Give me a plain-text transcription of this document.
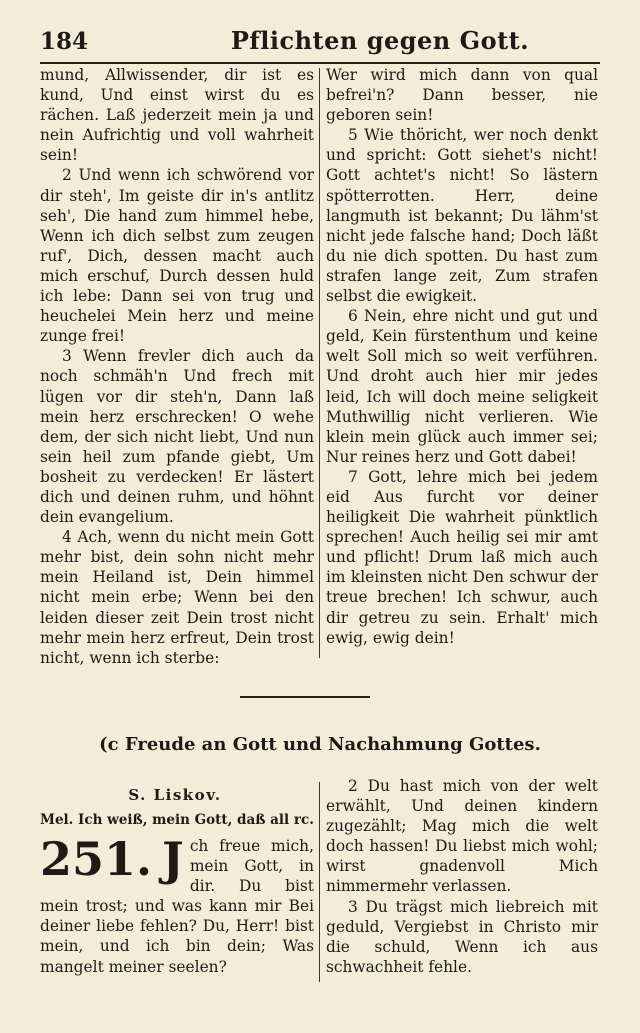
184	Pflichten gegen Gott.

mund, Allwissender, dir ist es kund, Und einst wirst du es rächen. Laß jederzeit mein ja und nein Aufrichtig und voll wahrheit sein!

2 Und wenn ich schwörend vor dir steh', Im geiste dir in's antlitz seh', Die hand zum himmel hebe, Wenn ich dich selbst zum zeugen ruf', Dich, dessen macht auch mich erschuf, Durch dessen huld ich lebe: Dann sei von trug und heuchelei Mein herz und meine zunge frei!

3 Wenn frevler dich auch da noch schmäh'n Und frech mit lügen vor dir steh'n, Dann laß mein herz erschrecken! O wehe dem, der sich nicht liebt, Und nun sein heil zum pfande giebt, Um bosheit zu verdecken! Er lästert dich und deinen ruhm, und höhnt dein evangelium.

4 Ach, wenn du nicht mein Gott mehr bist, dein sohn nicht mehr mein Heiland ist, Dein himmel nicht mein erbe; Wenn bei den leiden dieser zeit Dein trost nicht mehr mein herz erfreut, Dein trost nicht, wenn ich sterbe:

Wer wird mich dann von qual befrei'n? Dann besser, nie geboren sein!

5 Wie thöricht, wer noch denkt und spricht: Gott siehet's nicht! Gott achtet's nicht! So lästern spötterrotten. Herr, deine langmuth ist bekannt; Du lähm'st nicht jede falsche hand; Doch läßt du nie dich spotten. Du hast zum strafen lange zeit, Zum strafen selbst die ewigkeit.

6 Nein, ehre nicht und gut und geld, Kein fürstenthum und keine welt Soll mich so weit verführen. Und droht auch hier mir jedes leid, Ich will doch meine seligkeit Muthwillig nicht verlieren. Wie klein mein glück auch immer sei; Nur reines herz und Gott dabei!

7 Gott, lehre mich bei jedem eid Aus furcht vor deiner heiligkeit Die wahrheit pünktlich sprechen! Auch heilig sei mir amt und pflicht! Drum laß mich auch im kleinsten nicht Den schwur der treue brechen! Ich schwur, auch dir getreu zu sein. Erhalt' mich ewig, ewig dein!

(c Freude an Gott und Nachahmung Gottes.
S. Liskov.
Mel. Ich weiß, mein Gott, daß all rc.
251. J ch freue mich, mein Gott, in dir. Du bist mein trost; und was kann mir Bei deiner liebe fehlen? Du, Herr! bist mein, und ich bin dein; Was mangelt meiner seelen?

2 Du hast mich von der welt erwählt, Und deinen kindern zugezählt; Mag mich die welt doch hassen! Du liebst mich wohl; wirst gnadenvoll Mich nimmermehr verlassen.

3 Du trägst mich liebreich mit geduld, Vergiebst in Christo mir die schuld, Wenn ich aus schwachheit fehle.
